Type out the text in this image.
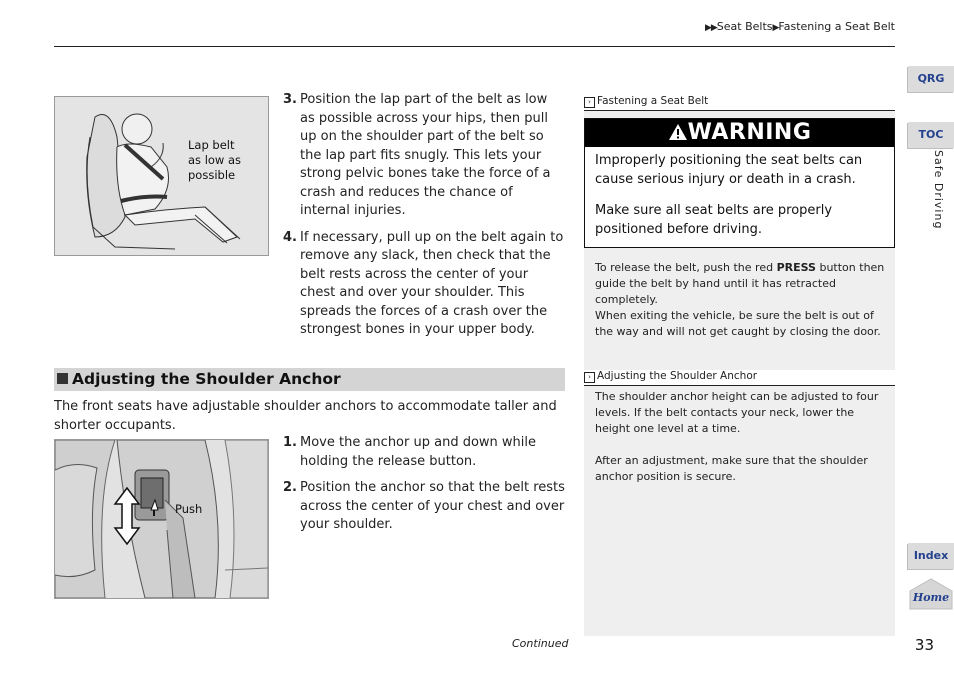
▶▶Seat Belts▶Fastening a Seat Belt
QRG
TOC
Safe Driving
Index
Home
Lap belt
as low as
possible
3. Position the lap part of the belt as low as possible across your hips, then pull up on the shoulder part of the belt so the lap part fits snugly. This lets your strong pelvic bones take the force of a crash and reduces the chance of internal injuries.
4. If necessary, pull up on the belt again to remove any slack, then check that the belt rests across the center of your chest and over your shoulder. This spreads the forces of a crash over the strongest bones in your upper body.
Adjusting the Shoulder Anchor
The front seats have adjustable shoulder anchors to accommodate taller and shorter occupants.
Push
1. Move the anchor up and down while holding the release button.
2. Position the anchor so that the belt rests across the center of your chest and over your shoulder.
› Fastening a Seat Belt
WARNING

Improperly positioning the seat belts can cause serious injury or death in a crash.

Make sure all seat belts are properly positioned before driving.

To release the belt, push the red PRESS button then guide the belt by hand until it has retracted completely.
When exiting the vehicle, be sure the belt is out of the way and will not get caught by closing the door.
› Adjusting the Shoulder Anchor
The shoulder anchor height can be adjusted to four levels. If the belt contacts your neck, lower the height one level at a time.
After an adjustment, make sure that the shoulder anchor position is secure.
Continued	33
